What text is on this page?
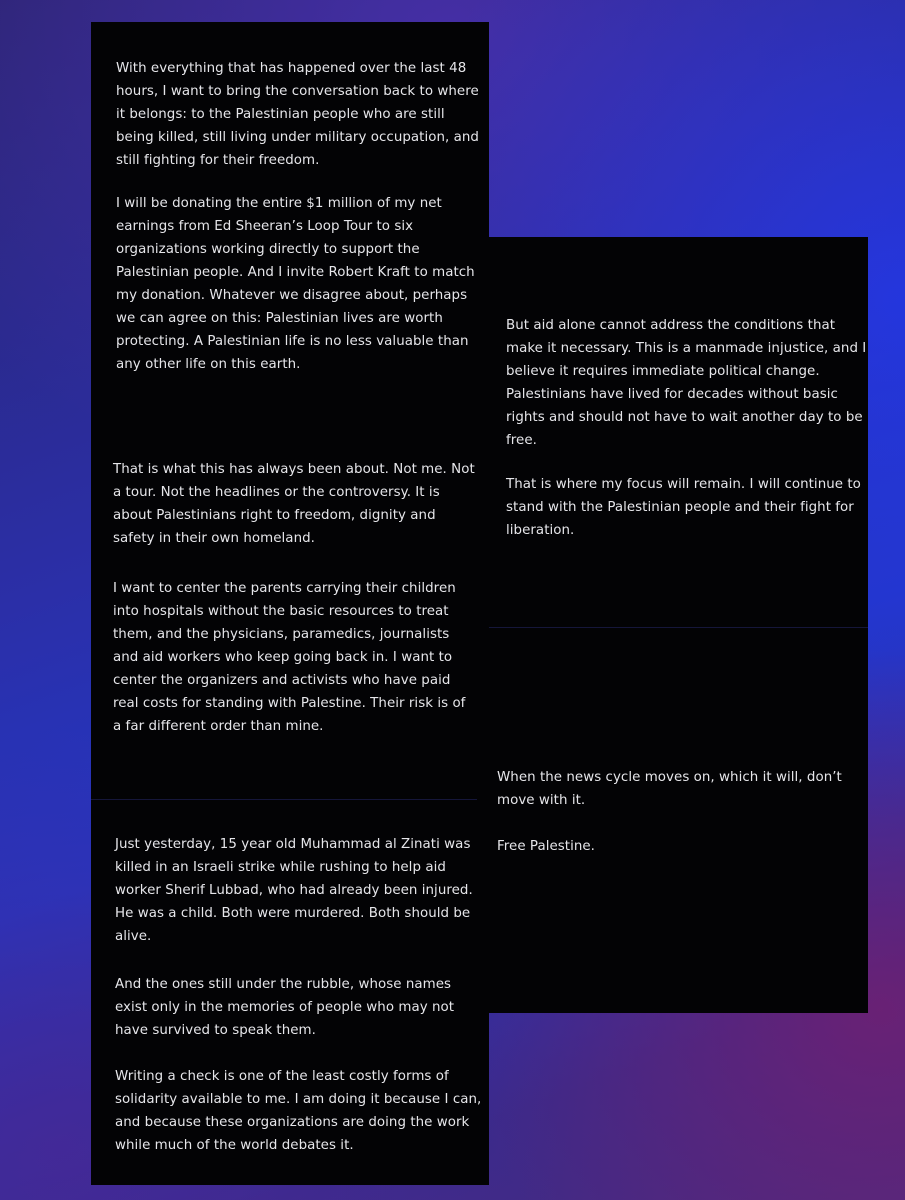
With everything that has happened over the last 48
hours, I want to bring the conversation back to where
it belongs: to the Palestinian people who are still
being killed, still living under military occupation, and
still fighting for their freedom.

I will be donating the entire $1 million of my net
earnings from Ed Sheeran’s Loop Tour to six
organizations working directly to support the
Palestinian people. And I invite Robert Kraft to match
my donation. Whatever we disagree about, perhaps
we can agree on this: Palestinian lives are worth
protecting. A Palestinian life is no less valuable than
any other life on this earth.

That is what this has always been about. Not me. Not
a tour. Not the headlines or the controversy. It is
about Palestinians right to freedom, dignity and
safety in their own homeland.

I want to center the parents carrying their children
into hospitals without the basic resources to treat
them, and the physicians, paramedics, journalists
and aid workers who keep going back in. I want to
center the organizers and activists who have paid
real costs for standing with Palestine. Their risk is of
a far different order than mine.

Just yesterday, 15 year old Muhammad al Zinati was
killed in an Israeli strike while rushing to help aid
worker Sherif Lubbad, who had already been injured.
He was a child. Both were murdered. Both should be
alive.

And the ones still under the rubble, whose names
exist only in the memories of people who may not
have survived to speak them.

Writing a check is one of the least costly forms of
solidarity available to me. I am doing it because I can,
and because these organizations are doing the work
while much of the world debates it.

But aid alone cannot address the conditions that
make it necessary. This is a manmade injustice, and I
believe it requires immediate political change.
Palestinians have lived for decades without basic
rights and should not have to wait another day to be
free.

That is where my focus will remain. I will continue to
stand with the Palestinian people and their fight for
liberation.

When the news cycle moves on, which it will, don’t
move with it.

Free Palestine.
